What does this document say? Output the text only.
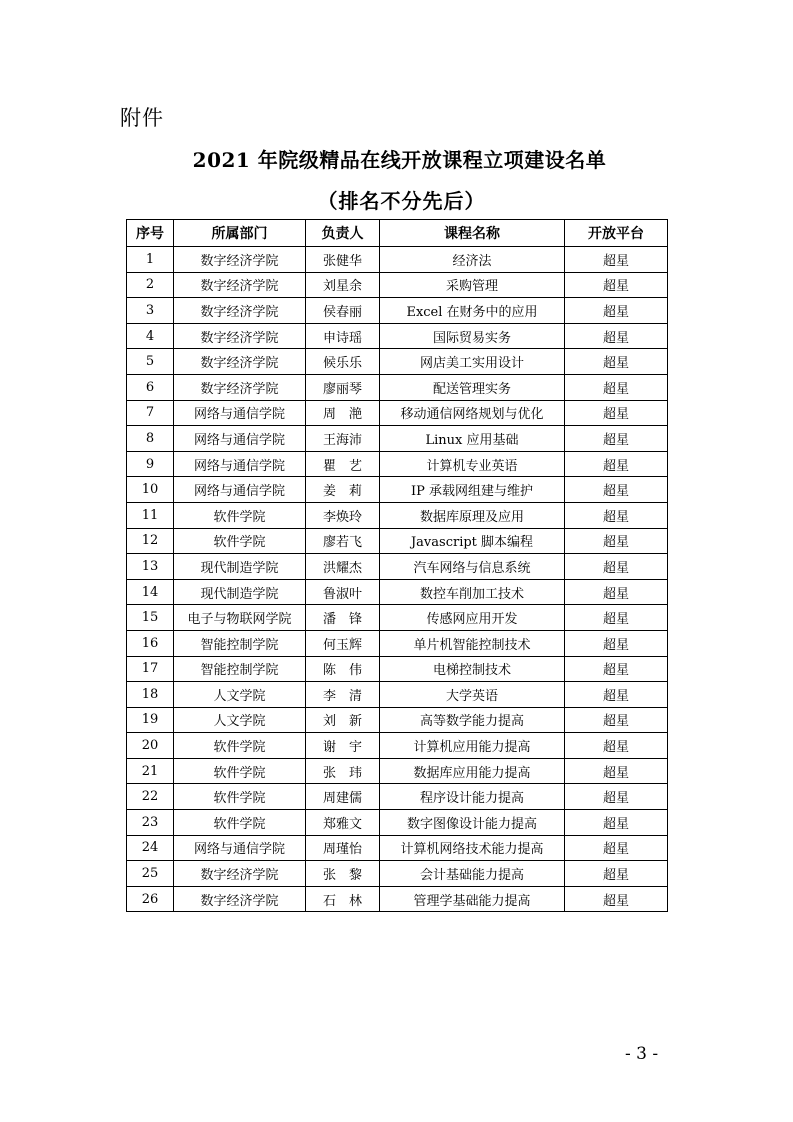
附件
2021 年院级精品在线开放课程立项建设名单
（排名不分先后）
序号	所属部门	负责人	课程名称	开放平台
1	数字经济学院	张健华	经济法	超星
2	数字经济学院	刘星余	采购管理	超星
3	数字经济学院	侯春丽	Excel 在财务中的应用	超星
4	数字经济学院	申诗瑶	国际贸易实务	超星
5	数字经济学院	候乐乐	网店美工实用设计	超星
6	数字经济学院	廖丽琴	配送管理实务	超星
7	网络与通信学院	周　滟	移动通信网络规划与优化	超星
8	网络与通信学院	王海沛	Linux 应用基础	超星
9	网络与通信学院	瞿　艺	计算机专业英语	超星
10	网络与通信学院	姜　莉	IP 承载网组建与维护	超星
11	软件学院	李焕玲	数据库原理及应用	超星
12	软件学院	廖若飞	Javascript 脚本编程	超星
13	现代制造学院	洪耀杰	汽车网络与信息系统	超星
14	现代制造学院	鲁淑叶	数控车削加工技术	超星
15	电子与物联网学院	潘　锋	传感网应用开发	超星
16	智能控制学院	何玉辉	单片机智能控制技术	超星
17	智能控制学院	陈　伟	电梯控制技术	超星
18	人文学院	李　清	大学英语	超星
19	人文学院	刘　新	高等数学能力提高	超星
20	软件学院	谢　宇	计算机应用能力提高	超星
21	软件学院	张　玮	数据库应用能力提高	超星
22	软件学院	周建儒	程序设计能力提高	超星
23	软件学院	郑雅文	数字图像设计能力提高	超星
24	网络与通信学院	周瑾怡	计算机网络技术能力提高	超星
25	数字经济学院	张　黎	会计基础能力提高	超星
26	数字经济学院	石　林	管理学基础能力提高	超星
- 3 -
